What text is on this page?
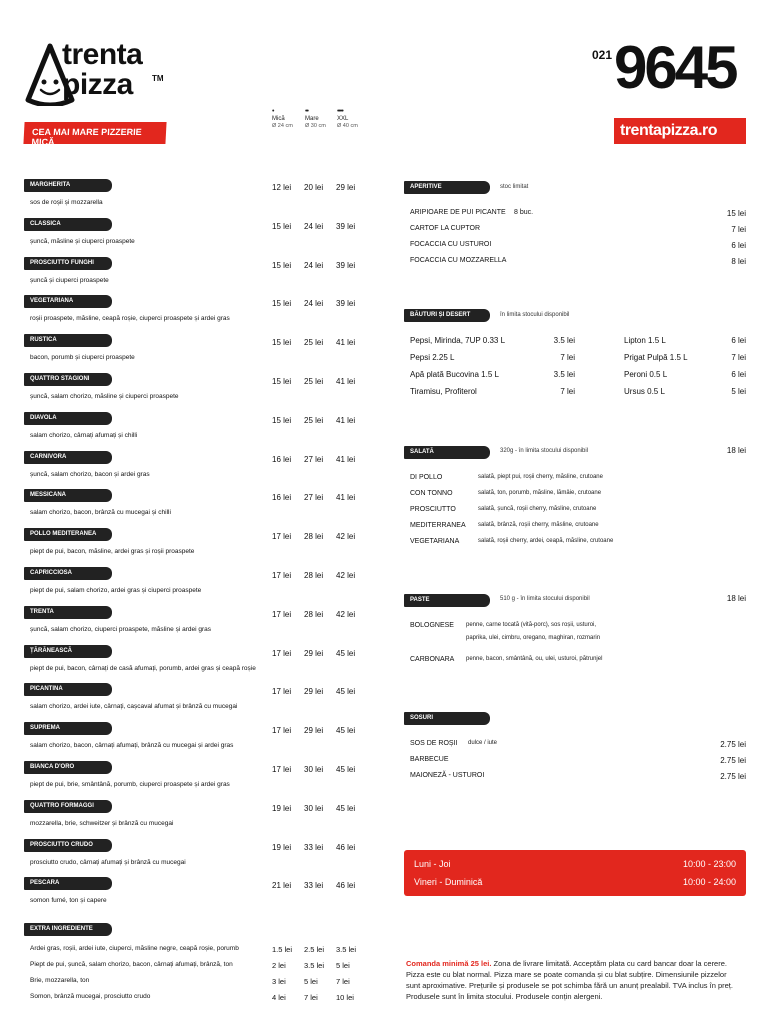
trenta
pizza TM
CEA MAI MARE PIZZERIE MICĂ
•
Mică
Ø 24 cm
••
Mare
Ø 30 cm
••••
XXL
Ø 40 cm
021 9645
trentapizza.ro
MARGHERITA
sos de roșii și mozzarella
12 lei	20 lei	29 lei
CLASSICA
șuncă, măsline și ciuperci proaspete
15 lei	24 lei	39 lei
PROSCIUTTO FUNGHI
șuncă și ciuperci proaspete
15 lei	24 lei	39 lei
VEGETARIANA
roșii proaspete, măsline, ceapă roșie, ciuperci proaspete și ardei gras
15 lei	24 lei	39 lei
RUSTICA
bacon, porumb și ciuperci proaspete
15 lei	25 lei	41 lei
QUATTRO STAGIONI
șuncă, salam chorizo, măsline și ciuperci proaspete
15 lei	25 lei	41 lei
DIAVOLA
salam chorizo, cârnați afumați și chilli
15 lei	25 lei	41 lei
CARNIVORA
șuncă, salam chorizo, bacon și ardei gras
16 lei	27 lei	41 lei
MESSICANA
salam chorizo, bacon, brânză cu mucegai și chilli
16 lei	27 lei	41 lei
POLLO MEDITERANEA
piept de pui, bacon, măsline, ardei gras și roșii proaspete
17 lei	28 lei	42 lei
CAPRICCIOSA
piept de pui, salam chorizo, ardei gras și ciuperci proaspete
17 lei	28 lei	42 lei
TRENTA
șuncă, salam chorizo, ciuperci proaspete, măsline și ardei gras
17 lei	28 lei	42 lei
ȚĂRĂNEASCĂ
piept de pui, bacon, cârnați de casă afumați, porumb, ardei gras și ceapă roșie
17 lei	29 lei	45 lei
PICANTINA
salam chorizo, ardei iute, cârnați, cașcaval afumat și brânză cu mucegai
17 lei	29 lei	45 lei
SUPREMA
salam chorizo, bacon, cârnați afumați, brânză cu mucegai și ardei gras
17 lei	29 lei	45 lei
BIANCA D'ORO
piept de pui, brie, smântână, porumb, ciuperci proaspete și ardei gras
17 lei	30 lei	45 lei
QUATTRO FORMAGGI
mozzarella, brie, schweitzer și brânză cu mucegai
19 lei	30 lei	45 lei
PROSCIUTTO CRUDO
prosciutto crudo, cârnați afumați și brânză cu mucegai
19 lei	33 lei	46 lei
PESCARA
somon fumé, ton și capere
21 lei	33 lei	46 lei
EXTRA INGREDIENTE
Ardei gras, roșii, ardei iute, ciuperci, măsline negre, ceapă roșie, porumb	1.5 lei	2.5 lei	3.5 lei
Piept de pui, șuncă, salam chorizo, bacon, cârnați afumați, brânză, ton	2 lei	3.5 lei	5 lei
Brie, mozzarella, ton	3 lei	5 lei	7 lei
Somon, brânză mucegai, prosciutto crudo	4 lei	7 lei	10 lei
APERITIVE	stoc limitat
ARIPIOARE DE PUI PICANTE 8 buc.	15 lei
CARTOF LA CUPTOR	7 lei
FOCACCIA CU USTUROI	6 lei
FOCACCIA CU MOZZARELLA	8 lei
BĂUTURI ȘI DESERT	în limita stocului disponibil
Pepsi, Mirinda, 7UP 0.33 L	3.5 lei
Pepsi 2.25 L	7 lei
Apă plată Bucovina 1.5 L	3.5 lei
Tiramisu, Profiterol	7 lei
Lipton 1.5 L	6 lei
Prigat Pulpă 1.5 L	7 lei
Peroni 0.5 L	6 lei
Ursus 0.5 L	5 lei
SALATĂ	320g - în limita stocului disponibil	18 lei
DI POLLO	salată, piept pui, roșii cherry, măsline, crutoane
CON TONNO	salată, ton, porumb, măsline, lămâie, crutoane
PROSCIUTTO	salată, șuncă, roșii cherry, măsline, crutoane
MEDITERRANEA salată, brânză, roșii cherry, măsline, crutoane
VEGETARIANA	salată, roșii cherry, ardei, ceapă, măsline, crutoane
PASTE	510 g - în limita stocului disponibil	18 lei
BOLOGNESE penne, carne tocată (vită-porc), sos roșii, usturoi,
paprika, ulei, cimbru, oregano, maghiran, rozmarin
CARBONARA penne, bacon, smântână, ou, ulei, usturoi, pătrunjel
SOSURI
SOS DE ROȘII dulce / iute	2.75 lei
BARBECUE	2.75 lei
MAIONEZĂ - USTUROI	2.75 lei
Luni - Joi	10:00 - 23:00
Vineri - Duminică	10:00 - 24:00
Comanda minimă 25 lei. Zona de livrare limitată. Acceptăm plata cu card bancar doar la cerere.
Pizza este cu blat normal. Pizza mare se poate comanda și cu blat subțire. Dimensiunile pizzelor
sunt aproximative. Prețurile și produsele se pot schimba fără un anunț prealabil. TVA inclus în preț.
Produsele sunt în limita stocului. Produsele conțin alergeni.
